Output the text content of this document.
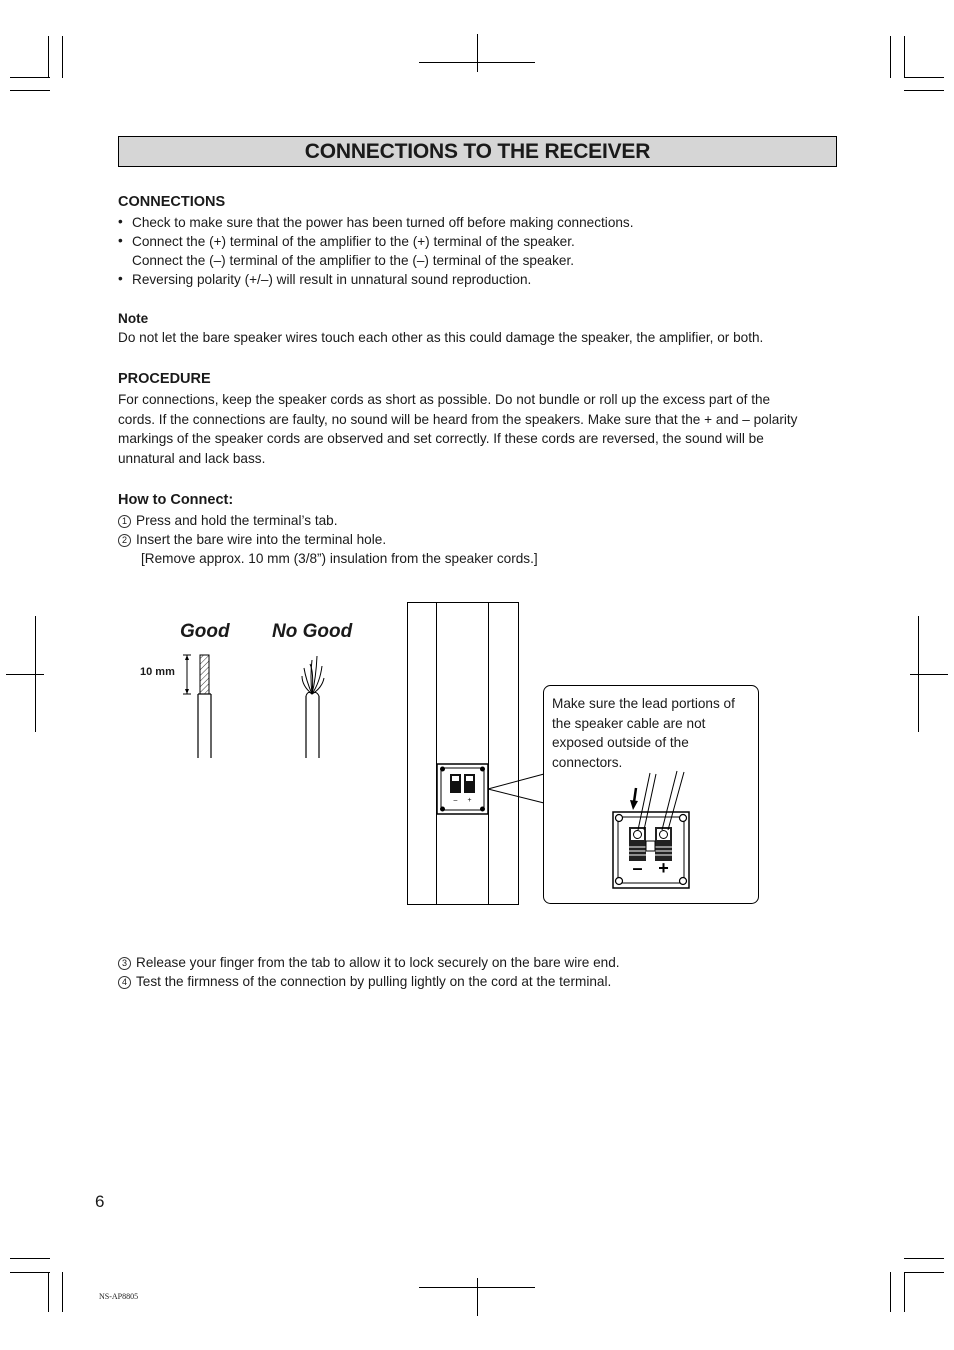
CONNECTIONS TO THE RECEIVER
CONNECTIONS
• Check to make sure that the power has been turned off before making connections.
• Connect the (+) terminal of the amplifier to the (+) terminal of the speaker.
Connect the (–) terminal of the amplifier to the (–) terminal of the speaker.
• Reversing polarity (+/–) will result in unnatural sound reproduction.
Note
Do not let the bare speaker wires touch each other as this could damage the speaker, the amplifier, or both.
PROCEDURE
For connections, keep the speaker cords as short as possible. Do not bundle or roll up the excess part of the
cords. If the connections are faulty, no sound will be heard from the speakers. Make sure that the + and – polarity
markings of the speaker cords are observed and set correctly. If these cords are reversed, the sound will be
unnatural and lack bass.
How to Connect:
1 Press and hold the terminal’s tab.
2 Insert the bare wire into the terminal hole.
[Remove approx. 10 mm (3/8”) insulation from the speaker cords.]
Good No Good
10 mm
– +
– +
Make sure the lead portions of
the speaker cable are not
exposed outside of the
connectors.
3 Release your finger from the tab to allow it to lock securely on the bare wire end.
4 Test the firmness of the connection by pulling lightly on the cord at the terminal.
6
NS-AP8805
